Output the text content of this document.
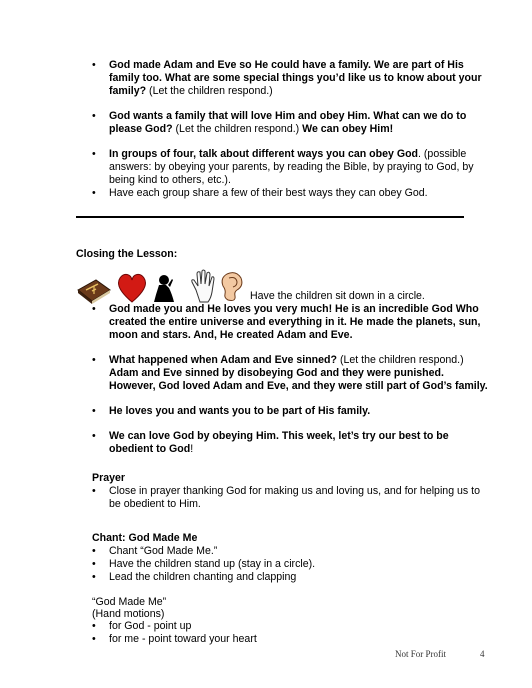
• God made Adam and Eve so He could have a family. We are part of His family too. What are some special things you’d like us to know about your family? (Let the children respond.)
• God wants a family that will love Him and obey Him. What can we do to please God? (Let the children respond.) We can obey Him!
• In groups of four, talk about different ways you can obey God. (possible answers: by obeying your parents, by reading the Bible, by praying to God, by being kind to others, etc.).
• Have each group share a few of their best ways they can obey God.
Closing the Lesson:
Have the children sit down in a circle.
• God made you and He loves you very much! He is an incredible God Who created the entire universe and everything in it. He made the planets, sun, moon and stars. And, He created Adam and Eve.
• What happened when Adam and Eve sinned? (Let the children respond.) Adam and Eve sinned by disobeying God and they were punished. However, God loved Adam and Eve, and they were still part of God’s family.
• He loves you and wants you to be part of His family.
• We can love God by obeying Him. This week, let’s try our best to be obedient to God!
Prayer
• Close in prayer thanking God for making us and loving us, and for helping us to be obedient to Him.
Chant: God Made Me
• Chant “God Made Me.”
• Have the children stand up (stay in a circle).
• Lead the children chanting and clapping
“God Made Me”
(Hand motions)
• for God - point up
• for me - point toward your heart
Not For Profit	4
